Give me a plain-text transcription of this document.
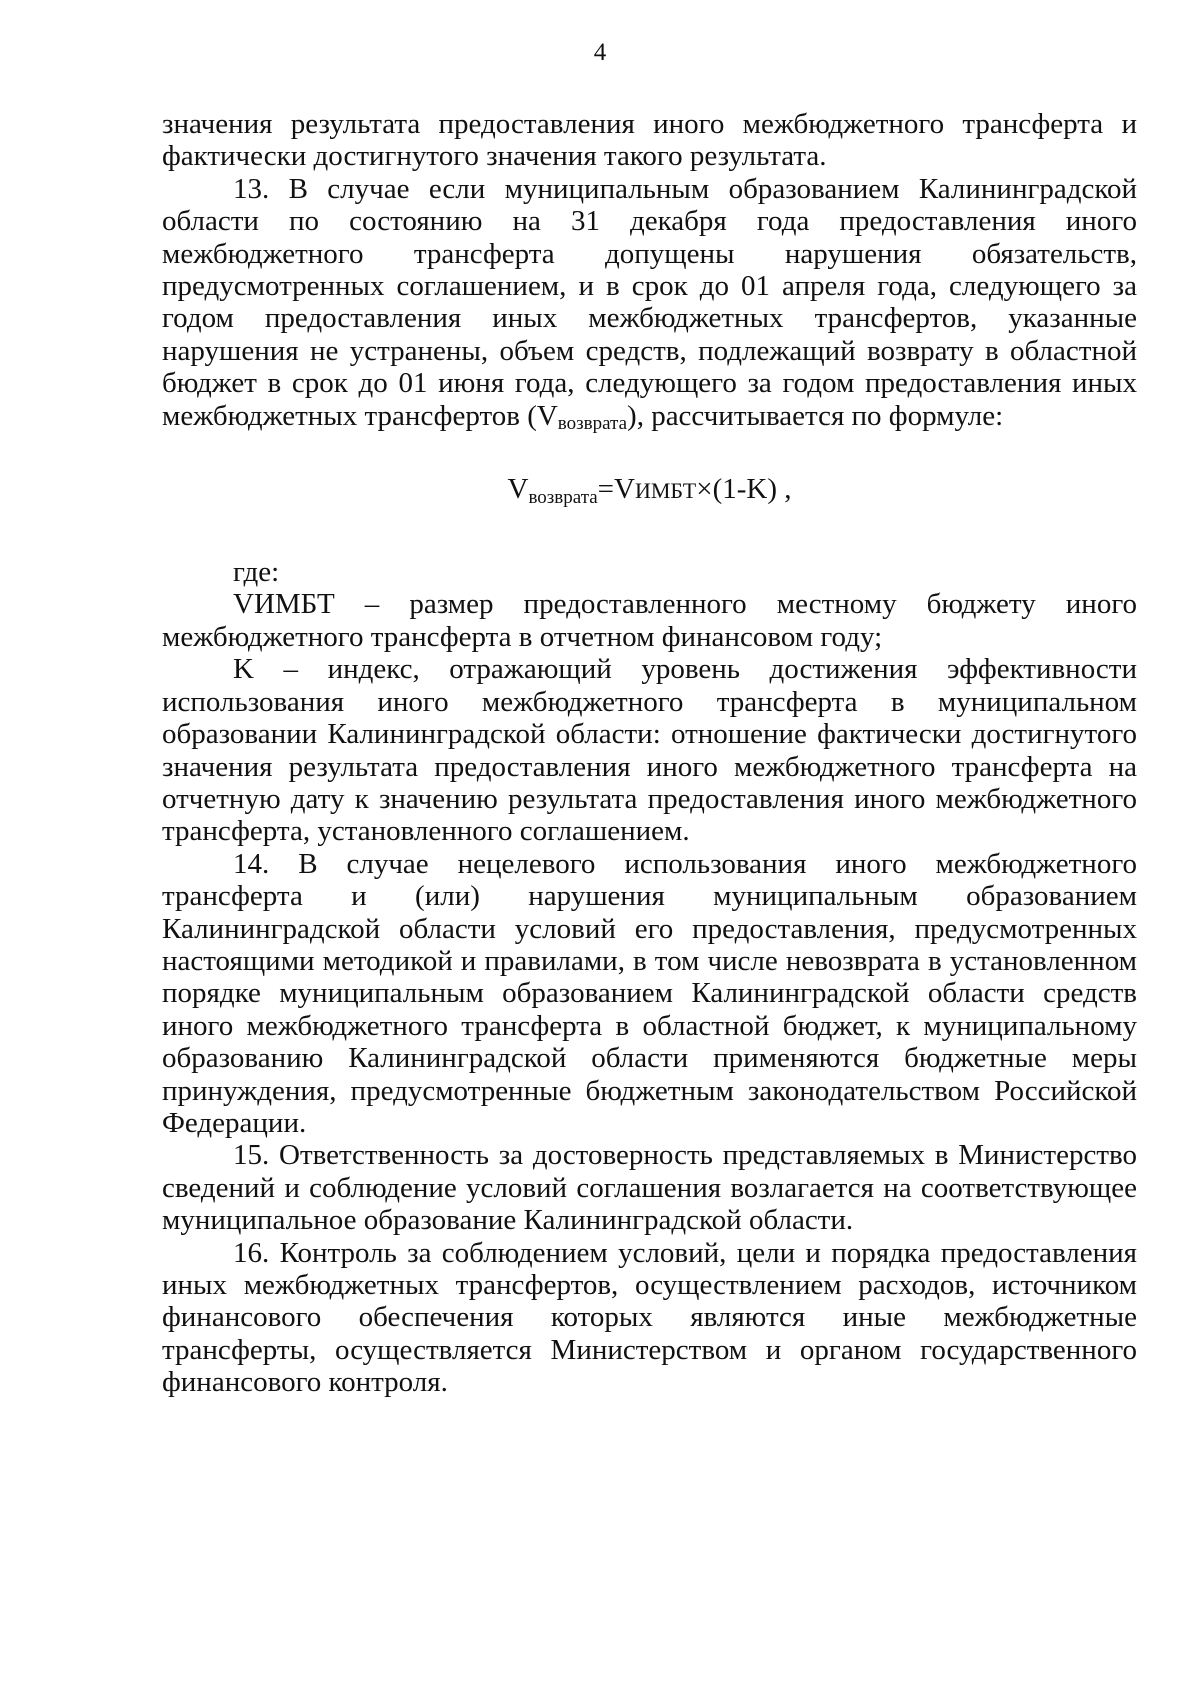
4

значения результата предоставления иного межбюджетного трансферта и фактически достигнутого значения такого результата.

13. В случае если муниципальным образованием Калининградской области по состоянию на 31 декабря года предоставления иного межбюджетного трансферта допущены нарушения обязательств, предусмотренных соглашением, и в срок до 01 апреля года, следующего за годом предоставления иных межбюджетных трансфертов, указанные нарушения не устранены, объем средств, подлежащий возврату в областной бюджет в срок до 01 июня года, следующего за годом предоставления иных межбюджетных трансфертов (Vвозврата), рассчитывается по формуле:

$V_{возврата}=VИМБТ\times(1-K)$ ,

где:

VИМБТ – размер предоставленного местному бюджету иного межбюджетного трансферта в отчетном финансовом году;

K – индекс, отражающий уровень достижения эффективности использования иного межбюджетного трансферта в муниципальном образовании Калининградской области: отношение фактически достигнутого значения результата предоставления иного межбюджетного трансферта на отчетную дату к значению результата предоставления иного межбюджетного трансферта, установленного соглашением.

14. В случае нецелевого использования иного межбюджетного трансферта и (или) нарушения муниципальным образованием Калининградской области условий его предоставления, предусмотренных настоящими методикой и правилами, в том числе невозврата в установленном порядке муниципальным образованием Калининградской области средств иного межбюджетного трансферта в областной бюджет, к муниципальному образованию Калининградской области применяются бюджетные меры принуждения, предусмотренные бюджетным законодательством Российской Федерации.

15. Ответственность за достоверность представляемых в Министерство сведений и соблюдение условий соглашения возлагается на соответствующее муниципальное образование Калининградской области.

16. Контроль за соблюдением условий, цели и порядка предоставления иных межбюджетных трансфертов, осуществлением расходов, источником финансового обеспечения которых являются иные межбюджетные трансферты, осуществляется Министерством и органом государственного финансового контроля.
